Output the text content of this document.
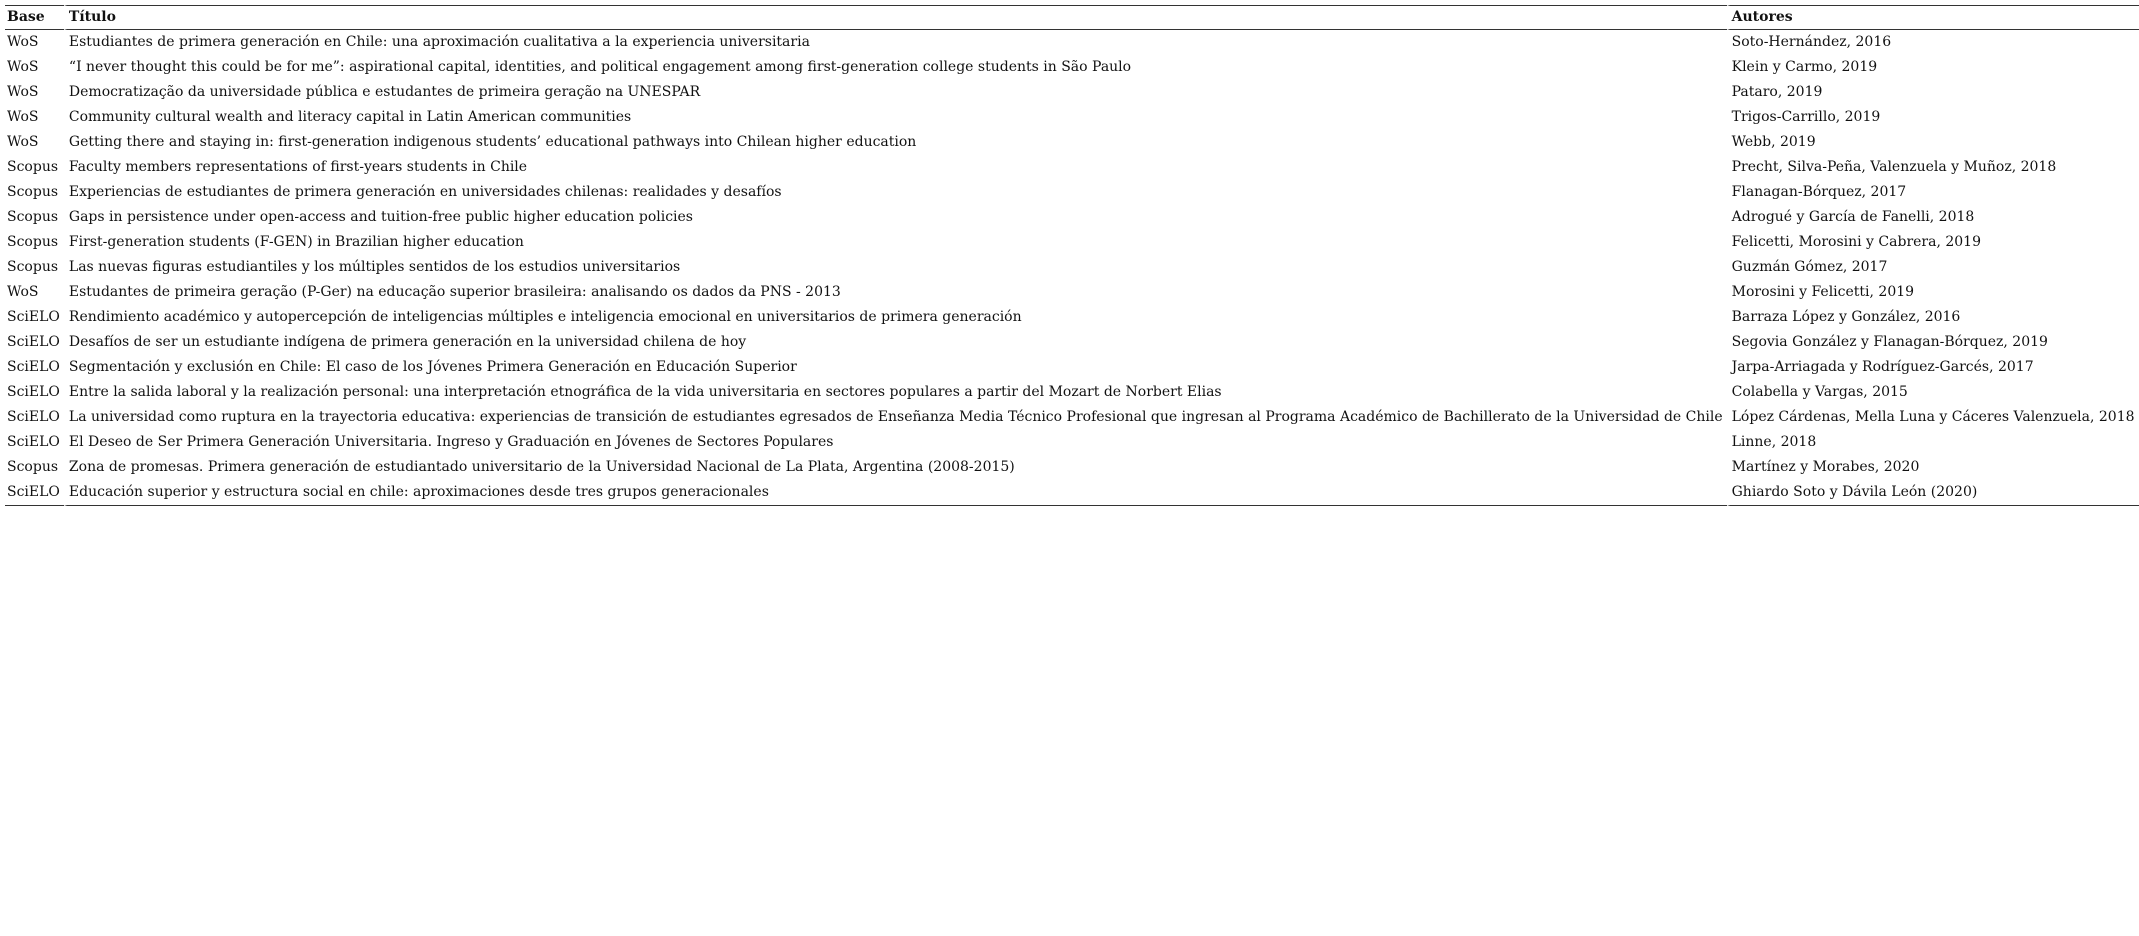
Base	Título	Autores
WoS	Estudiantes de primera generación en Chile: una aproximación cualitativa a la experiencia universitaria	Soto-Hernández, 2016
WoS	“I never thought this could be for me”: aspirational capital, identities, and political engagement among first-generation college students in São Paulo	Klein y Carmo, 2019
WoS	Democratização da universidade pública e estudantes de primeira geração na UNESPAR	Pataro, 2019
WoS	Community cultural wealth and literacy capital in Latin American communities	Trigos-Carrillo, 2019
WoS	Getting there and staying in: first-generation indigenous students’ educational pathways into Chilean higher education	Webb, 2019
Scopus	Faculty members representations of first-years students in Chile	Precht, Silva-Peña, Valenzuela y Muñoz, 2018
Scopus	Experiencias de estudiantes de primera generación en universidades chilenas: realidades y desafíos	Flanagan-Bórquez, 2017
Scopus	Gaps in persistence under open-access and tuition-free public higher education policies	Adrogué y García de Fanelli, 2018
Scopus	First-generation students (F-GEN) in Brazilian higher education	Felicetti, Morosini y Cabrera, 2019
Scopus	Las nuevas figuras estudiantiles y los múltiples sentidos de los estudios universitarios	Guzmán Gómez, 2017
WoS	Estudantes de primeira geração (P-Ger) na educação superior brasileira: analisando os dados da PNS - 2013	Morosini y Felicetti, 2019
SciELO	Rendimiento académico y autopercepción de inteligencias múltiples e inteligencia emocional en universitarios de primera generación	Barraza López y González, 2016
SciELO	Desafíos de ser un estudiante indígena de primera generación en la universidad chilena de hoy	Segovia González y Flanagan-Bórquez, 2019
SciELO	Segmentación y exclusión en Chile: El caso de los Jóvenes Primera Generación en Educación Superior	Jarpa-Arriagada y Rodríguez-Garcés, 2017
SciELO	Entre la salida laboral y la realización personal: una interpretación etnográfica de la vida universitaria en sectores populares a partir del Mozart de Norbert Elias	Colabella y Vargas, 2015
SciELO	La universidad como ruptura en la trayectoria educativa: experiencias de transición de estudiantes egresados de Enseñanza Media Técnico Profesional que ingresan al Programa Académico de Bachillerato de la Universidad de Chile	López Cárdenas, Mella Luna y Cáceres Valenzuela, 2018
SciELO	El Deseo de Ser Primera Generación Universitaria. Ingreso y Graduación en Jóvenes de Sectores Populares	Linne, 2018
Scopus	Zona de promesas. Primera generación de estudiantado universitario de la Universidad Nacional de La Plata, Argentina (2008-2015)	Martínez y Morabes, 2020
SciELO	Educación superior y estructura social en chile: aproximaciones desde tres grupos generacionales	Ghiardo Soto y Dávila León (2020)
